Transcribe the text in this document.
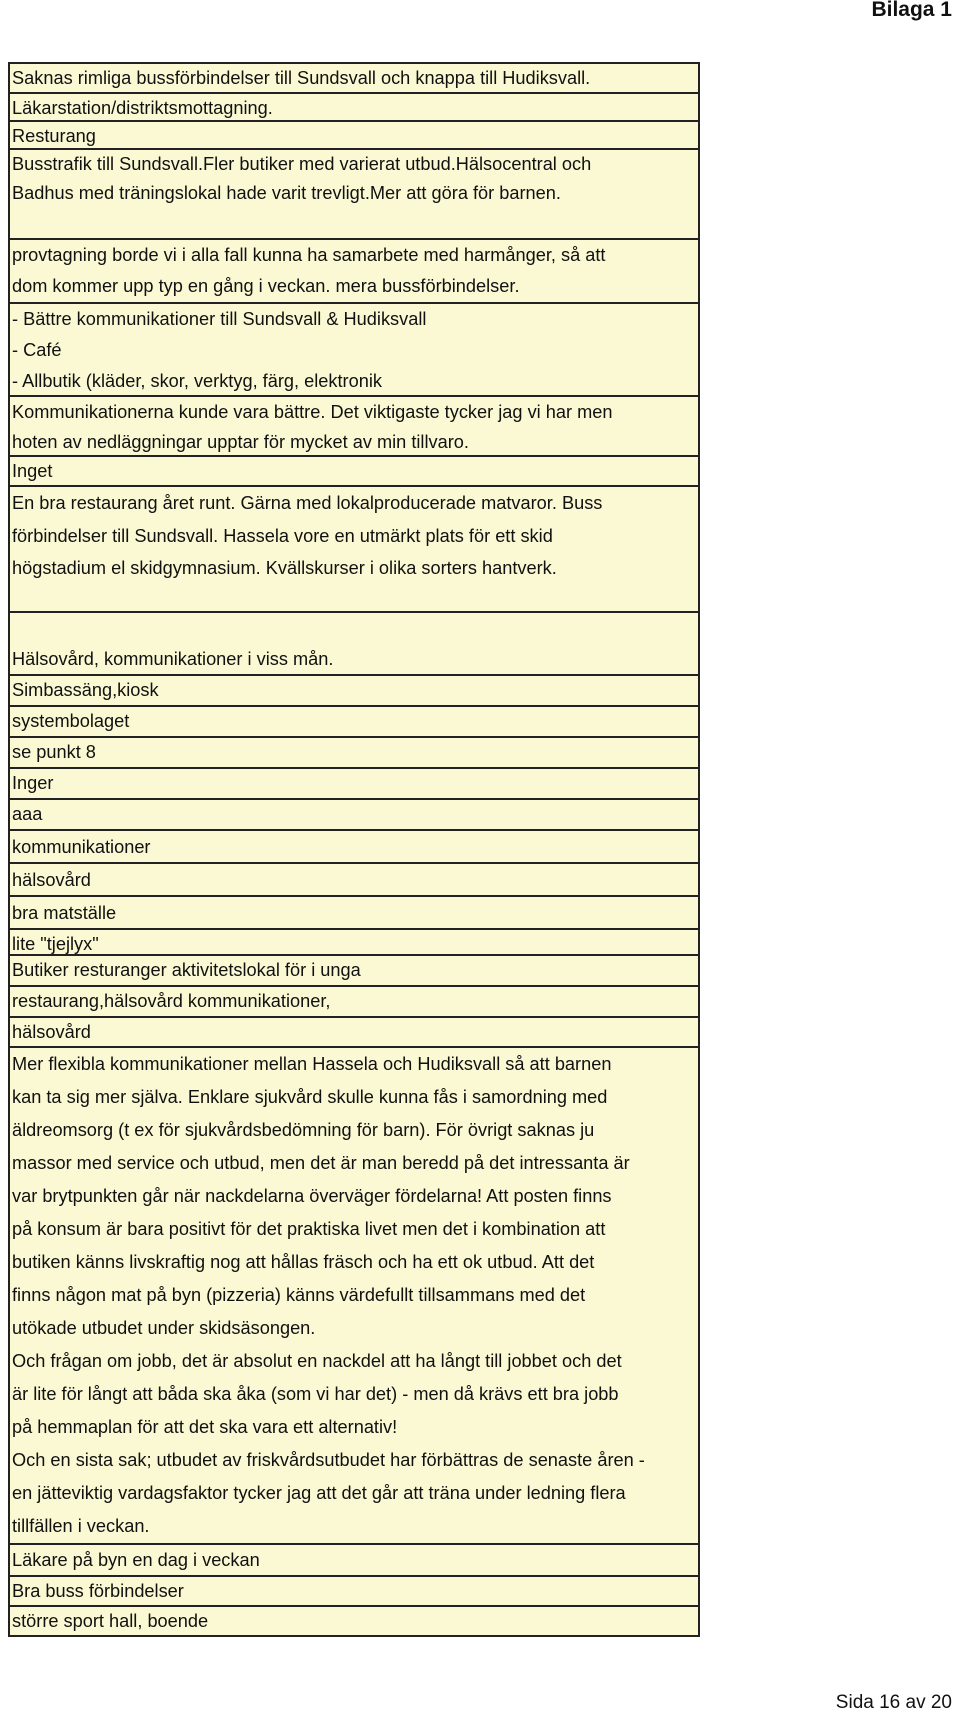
Bilaga 1
Saknas rimliga bussförbindelser till Sundsvall och knappa till Hudiksvall.
Läkarstation/distriktsmottagning.
Resturang
Busstrafik till Sundsvall.Fler butiker med varierat utbud.Hälsocentral och
Badhus med träningslokal hade varit trevligt.Mer att göra för barnen.
provtagning borde vi i alla fall kunna ha samarbete med harmånger, så att
dom kommer upp typ en gång i veckan. mera bussförbindelser.
- Bättre kommunikationer till Sundsvall & Hudiksvall
- Café
- Allbutik (kläder, skor, verktyg, färg, elektronik
Kommunikationerna kunde vara bättre. Det viktigaste tycker jag vi har men
hoten av nedläggningar upptar för mycket av min tillvaro.
Inget
En bra restaurang året runt. Gärna med lokalproducerade matvaror. Buss
förbindelser till Sundsvall. Hassela vore en utmärkt plats för ett skid
högstadium el skidgymnasium. Kvällskurser i olika sorters hantverk.
Hälsovård, kommunikationer i viss mån.
Simbassäng,kiosk
systembolaget
se punkt 8
Inger
aaa
kommunikationer
hälsovård
bra matställe
lite "tjejlyx"
Butiker resturanger aktivitetslokal för i unga
restaurang,hälsovård kommunikationer,
hälsovård
Mer flexibla kommunikationer mellan Hassela och Hudiksvall så att barnen
kan ta sig mer själva. Enklare sjukvård skulle kunna fås i samordning med
äldreomsorg (t ex för sjukvårdsbedömning för barn). För övrigt saknas ju
massor med service och utbud, men det är man beredd på det intressanta är
var brytpunkten går när nackdelarna överväger fördelarna! Att posten finns
på konsum är bara positivt för det praktiska livet men det i kombination att
butiken känns livskraftig nog att hållas fräsch och ha ett ok utbud. Att det
finns någon mat på byn (pizzeria) känns värdefullt tillsammans med det
utökade utbudet under skidsäsongen.
Och frågan om jobb, det är absolut en nackdel att ha långt till jobbet och det
är lite för långt att båda ska åka (som vi har det) - men då krävs ett bra jobb
på hemmaplan för att det ska vara ett alternativ!
Och en sista sak; utbudet av friskvårdsutbudet har förbättras de senaste åren -
en jätteviktig vardagsfaktor tycker jag att det går att träna under ledning flera
tillfällen i veckan.
Läkare på byn en dag i veckan
Bra buss förbindelser
större sport hall, boende
Sida 16 av 20
